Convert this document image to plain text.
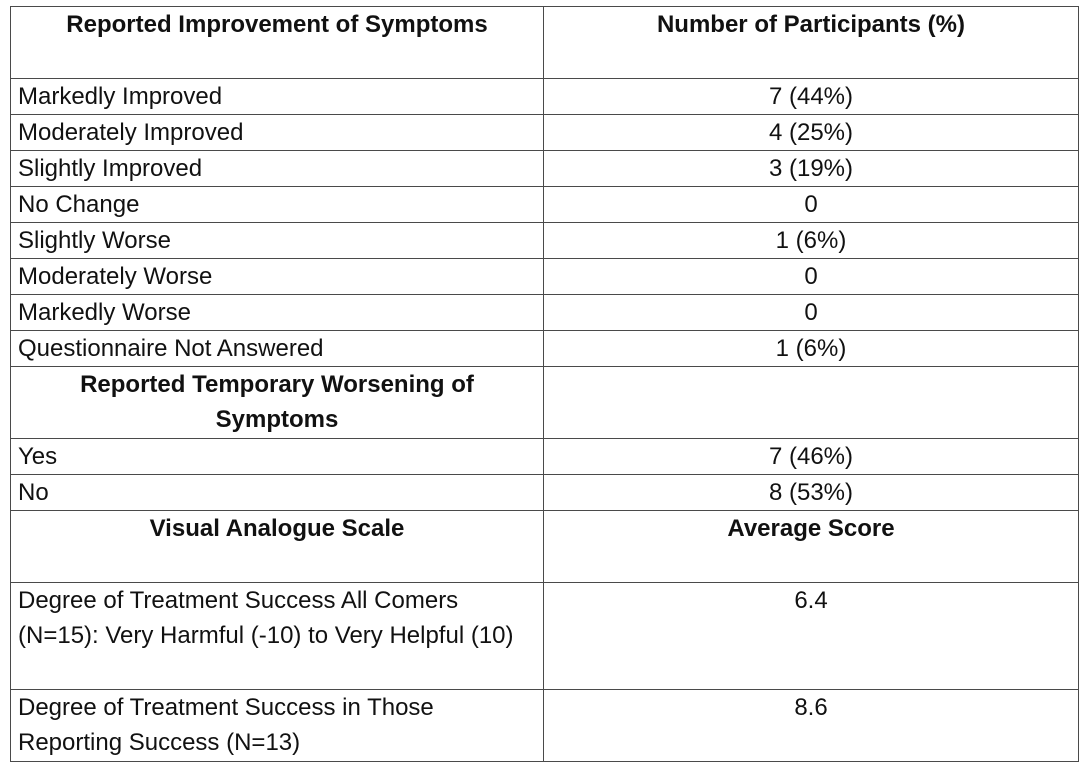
Reported Improvement of Symptoms	Number of Participants (%)
Markedly Improved	7 (44%)
Moderately Improved	4 (25%)
Slightly Improved	3 (19%)
No Change	0
Slightly Worse	1 (6%)
Moderately Worse	0
Markedly Worse	0
Questionnaire Not Answered	1 (6%)
Reported Temporary Worsening of Symptoms	
Yes	7 (46%)
No	8 (53%)
Visual Analogue Scale	Average Score
Degree of Treatment Success All Comers (N=15): Very Harmful (-10) to Very Helpful (10)	6.4
Degree of Treatment Success in Those Reporting Success (N=13)	8.6
